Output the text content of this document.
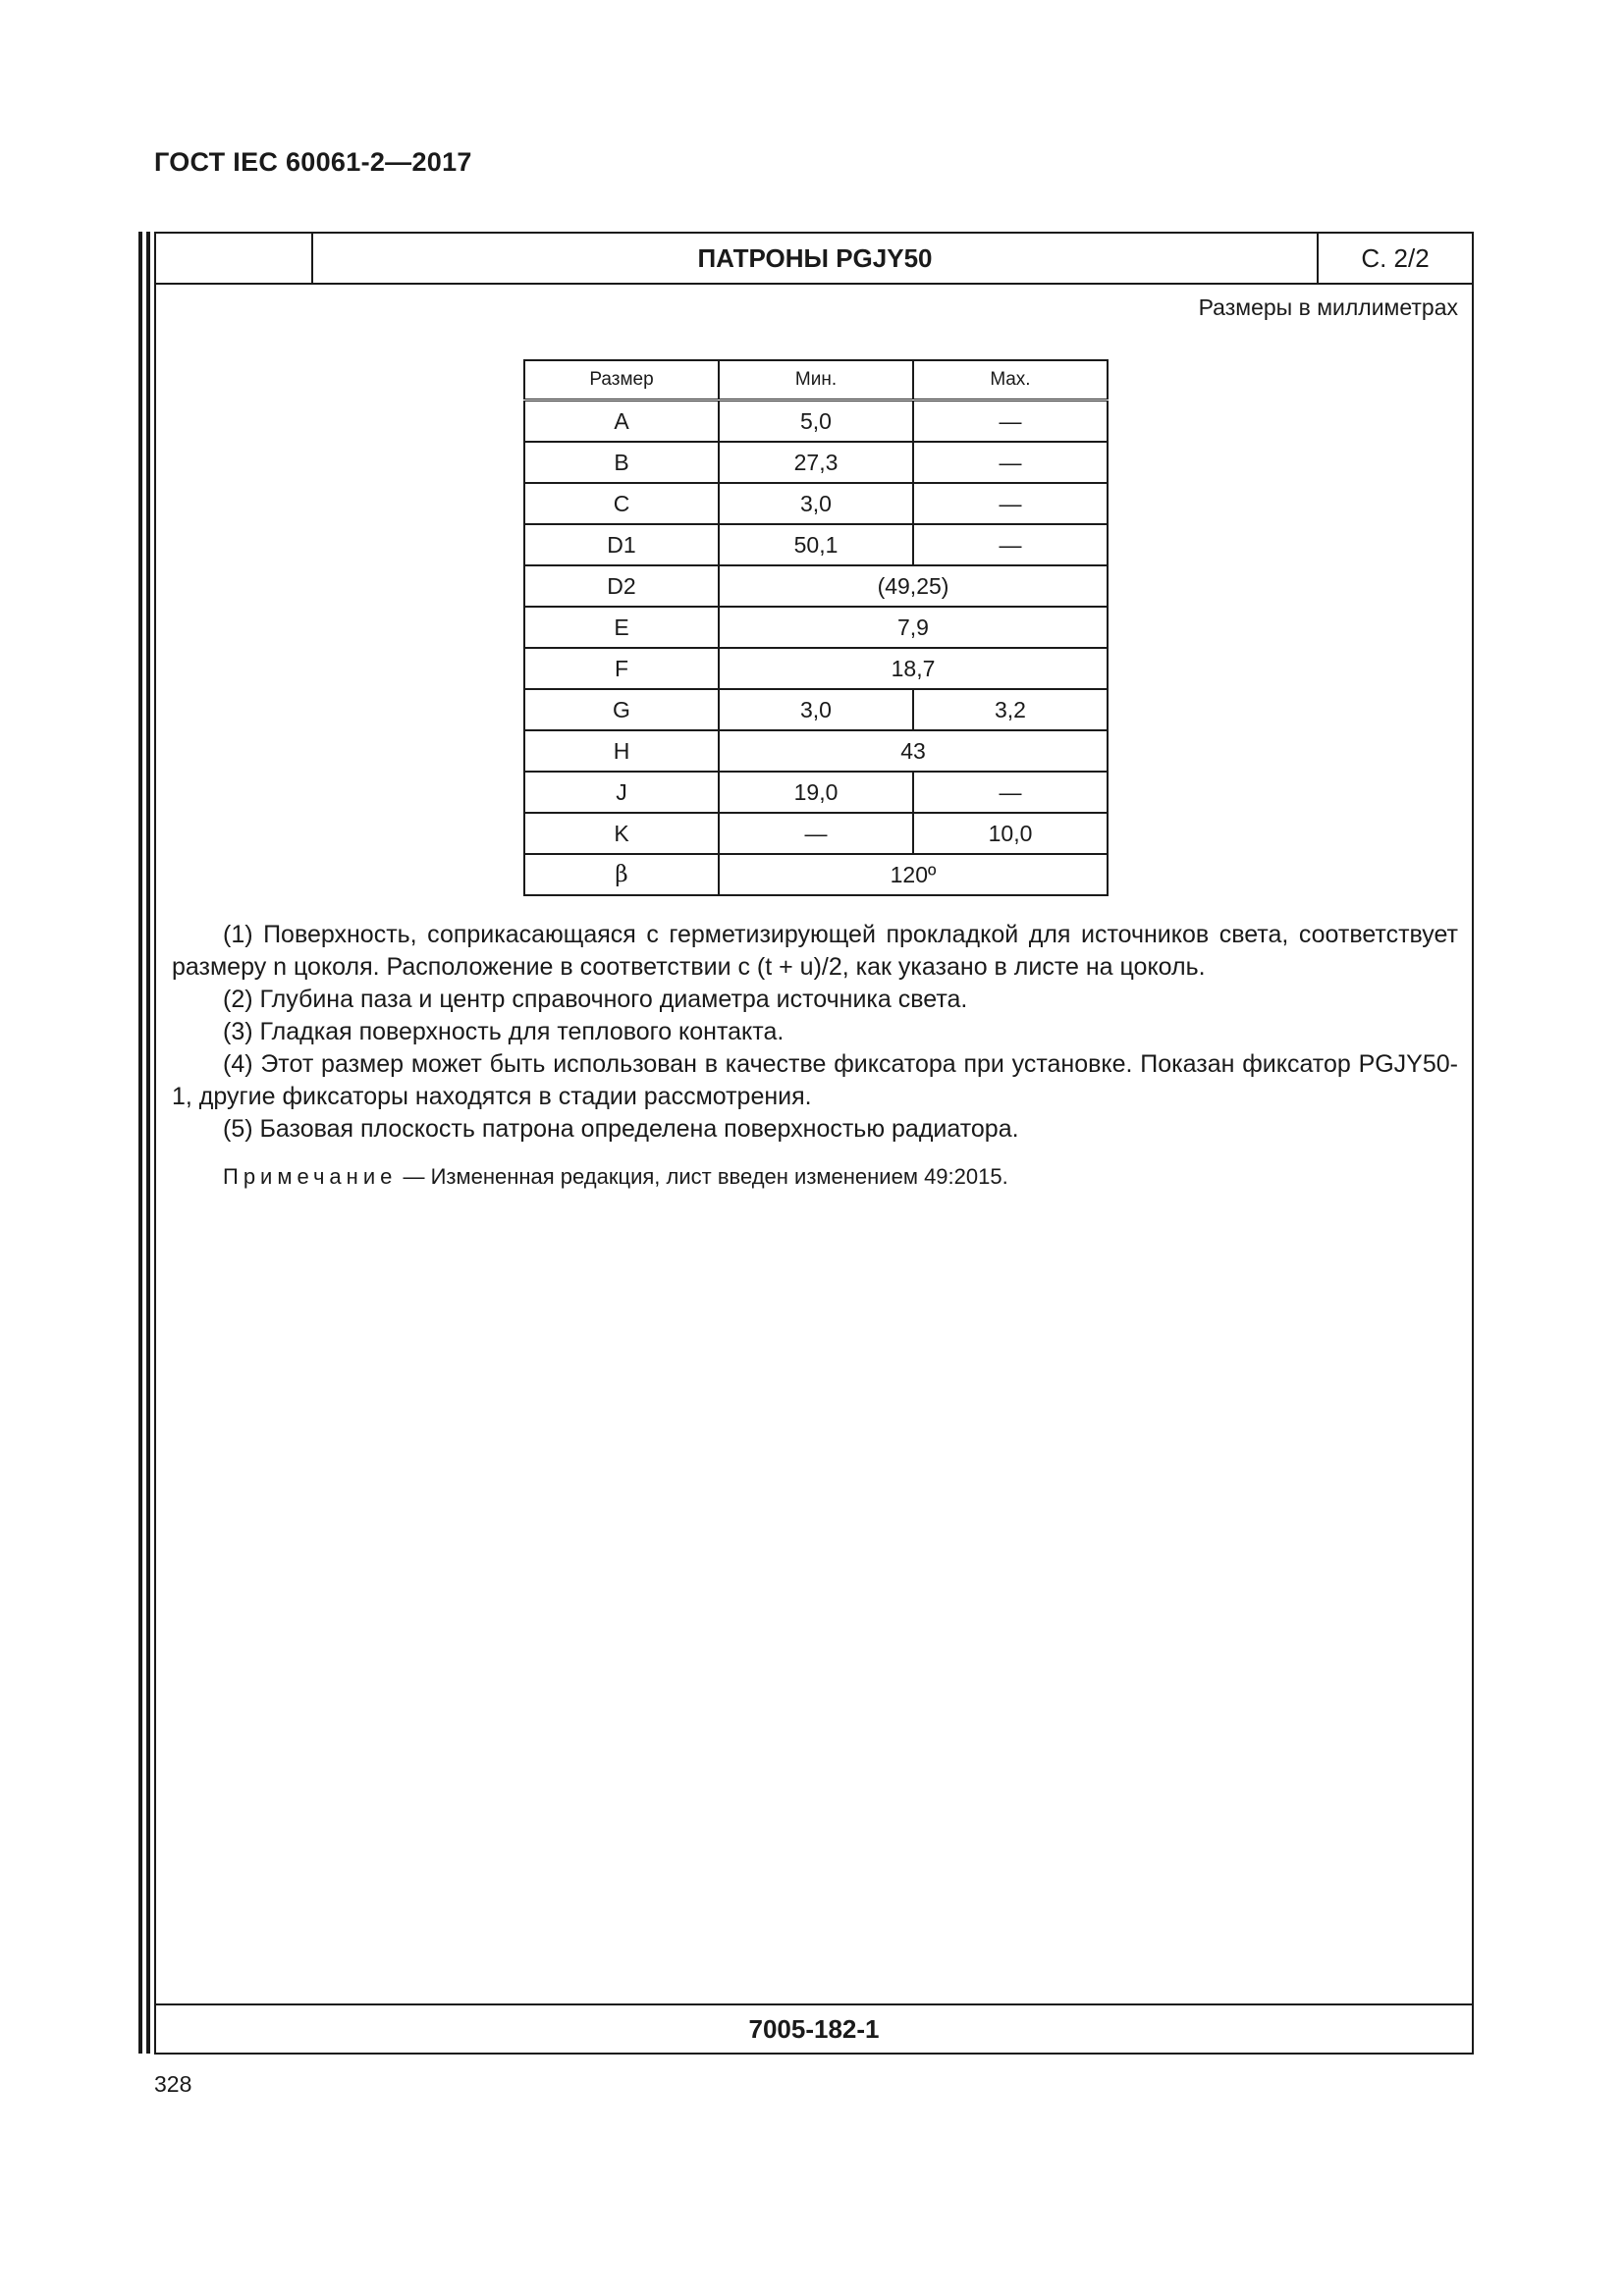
ГОСТ IEC 60061-2—2017
ПАТРОНЫ PGJY50	С. 2/2
Размеры в миллиметрах
Размер	Мин.	Max.
A	5,0	—
B	27,3	—
C	3,0	—
D1	50,1	—
D2	(49,25)	
E	7,9	
F	18,7	
G	3,0	3,2
H	43	
J	19,0	—
K	—	10,0
β	120º	

(1) Поверхность, соприкасающаяся с герметизирующей прокладкой для источников света, соответствует размеру n цоколя. Расположение в соответствии с (t + u)/2, как указано в листе на цоколь.

(2) Глубина паза и центр справочного диаметра источника света.

(3) Гладкая поверхность для теплового контакта.

(4) Этот размер может быть использован в качестве фиксатора при установке. Показан фиксатор PGJY50-1, другие фиксаторы находятся в стадии рассмотрения.

(5) Базовая плоскость патрона определена поверхностью радиатора.

Примечание — Измененная редакция, лист введен изменением 49:2015.
7005-182-1
328
